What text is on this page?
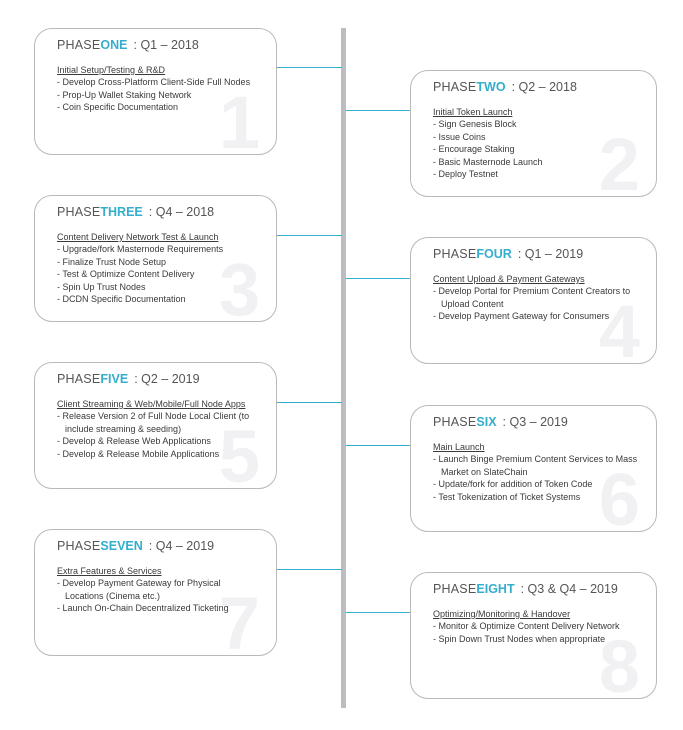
1
PHASEONE : Q1 – 2018
Initial Setup/Testing & R&D
- Develop Cross-Platform Client-Side Full Nodes
- Prop-Up Wallet Staking Network
- Coin Specific Documentation
2
PHASETWO : Q2 – 2018
Initial Token Launch
- Sign Genesis Block
- Issue Coins
- Encourage Staking
- Basic Masternode Launch
- Deploy Testnet
3
PHASETHREE : Q4 – 2018
Content Delivery Network Test & Launch
- Upgrade/fork Masternode Requirements
- Finalize Trust Node Setup
- Test & Optimize Content Delivery
- Spin Up Trust Nodes
- DCDN Specific Documentation	4
PHASEFOUR : Q1 – 2019
Content Upload & Payment Gateways
- Develop Portal for Premium Content Creators to Upload Content
- Develop Payment Gateway for Consumers
5
PHASEFIVE : Q2 – 2019
Client Streaming & Web/Mobile/Full Node Apps
- Release Version 2 of Full Node Local Client (to include streaming & seeding)
- Develop & Release Web Applications
- Develop & Release Mobile Applications
6
PHASESIX : Q3 – 2019
Main Launch
- Launch Binge Premium Content Services to Mass Market on SlateChain
- Update/fork for addition of Token Code
- Test Tokenization of Ticket Systems
7
PHASESEVEN : Q4 – 2019
Extra Features & Services
- Develop Payment Gateway for Physical Locations (Cinema etc.)
- Launch On-Chain Decentralized Ticketing
8
PHASEEIGHT : Q3 & Q4 – 2019
Optimizing/Monitoring & Handover
- Monitor & Optimize Content Delivery Network
- Spin Down Trust Nodes when appropriate
